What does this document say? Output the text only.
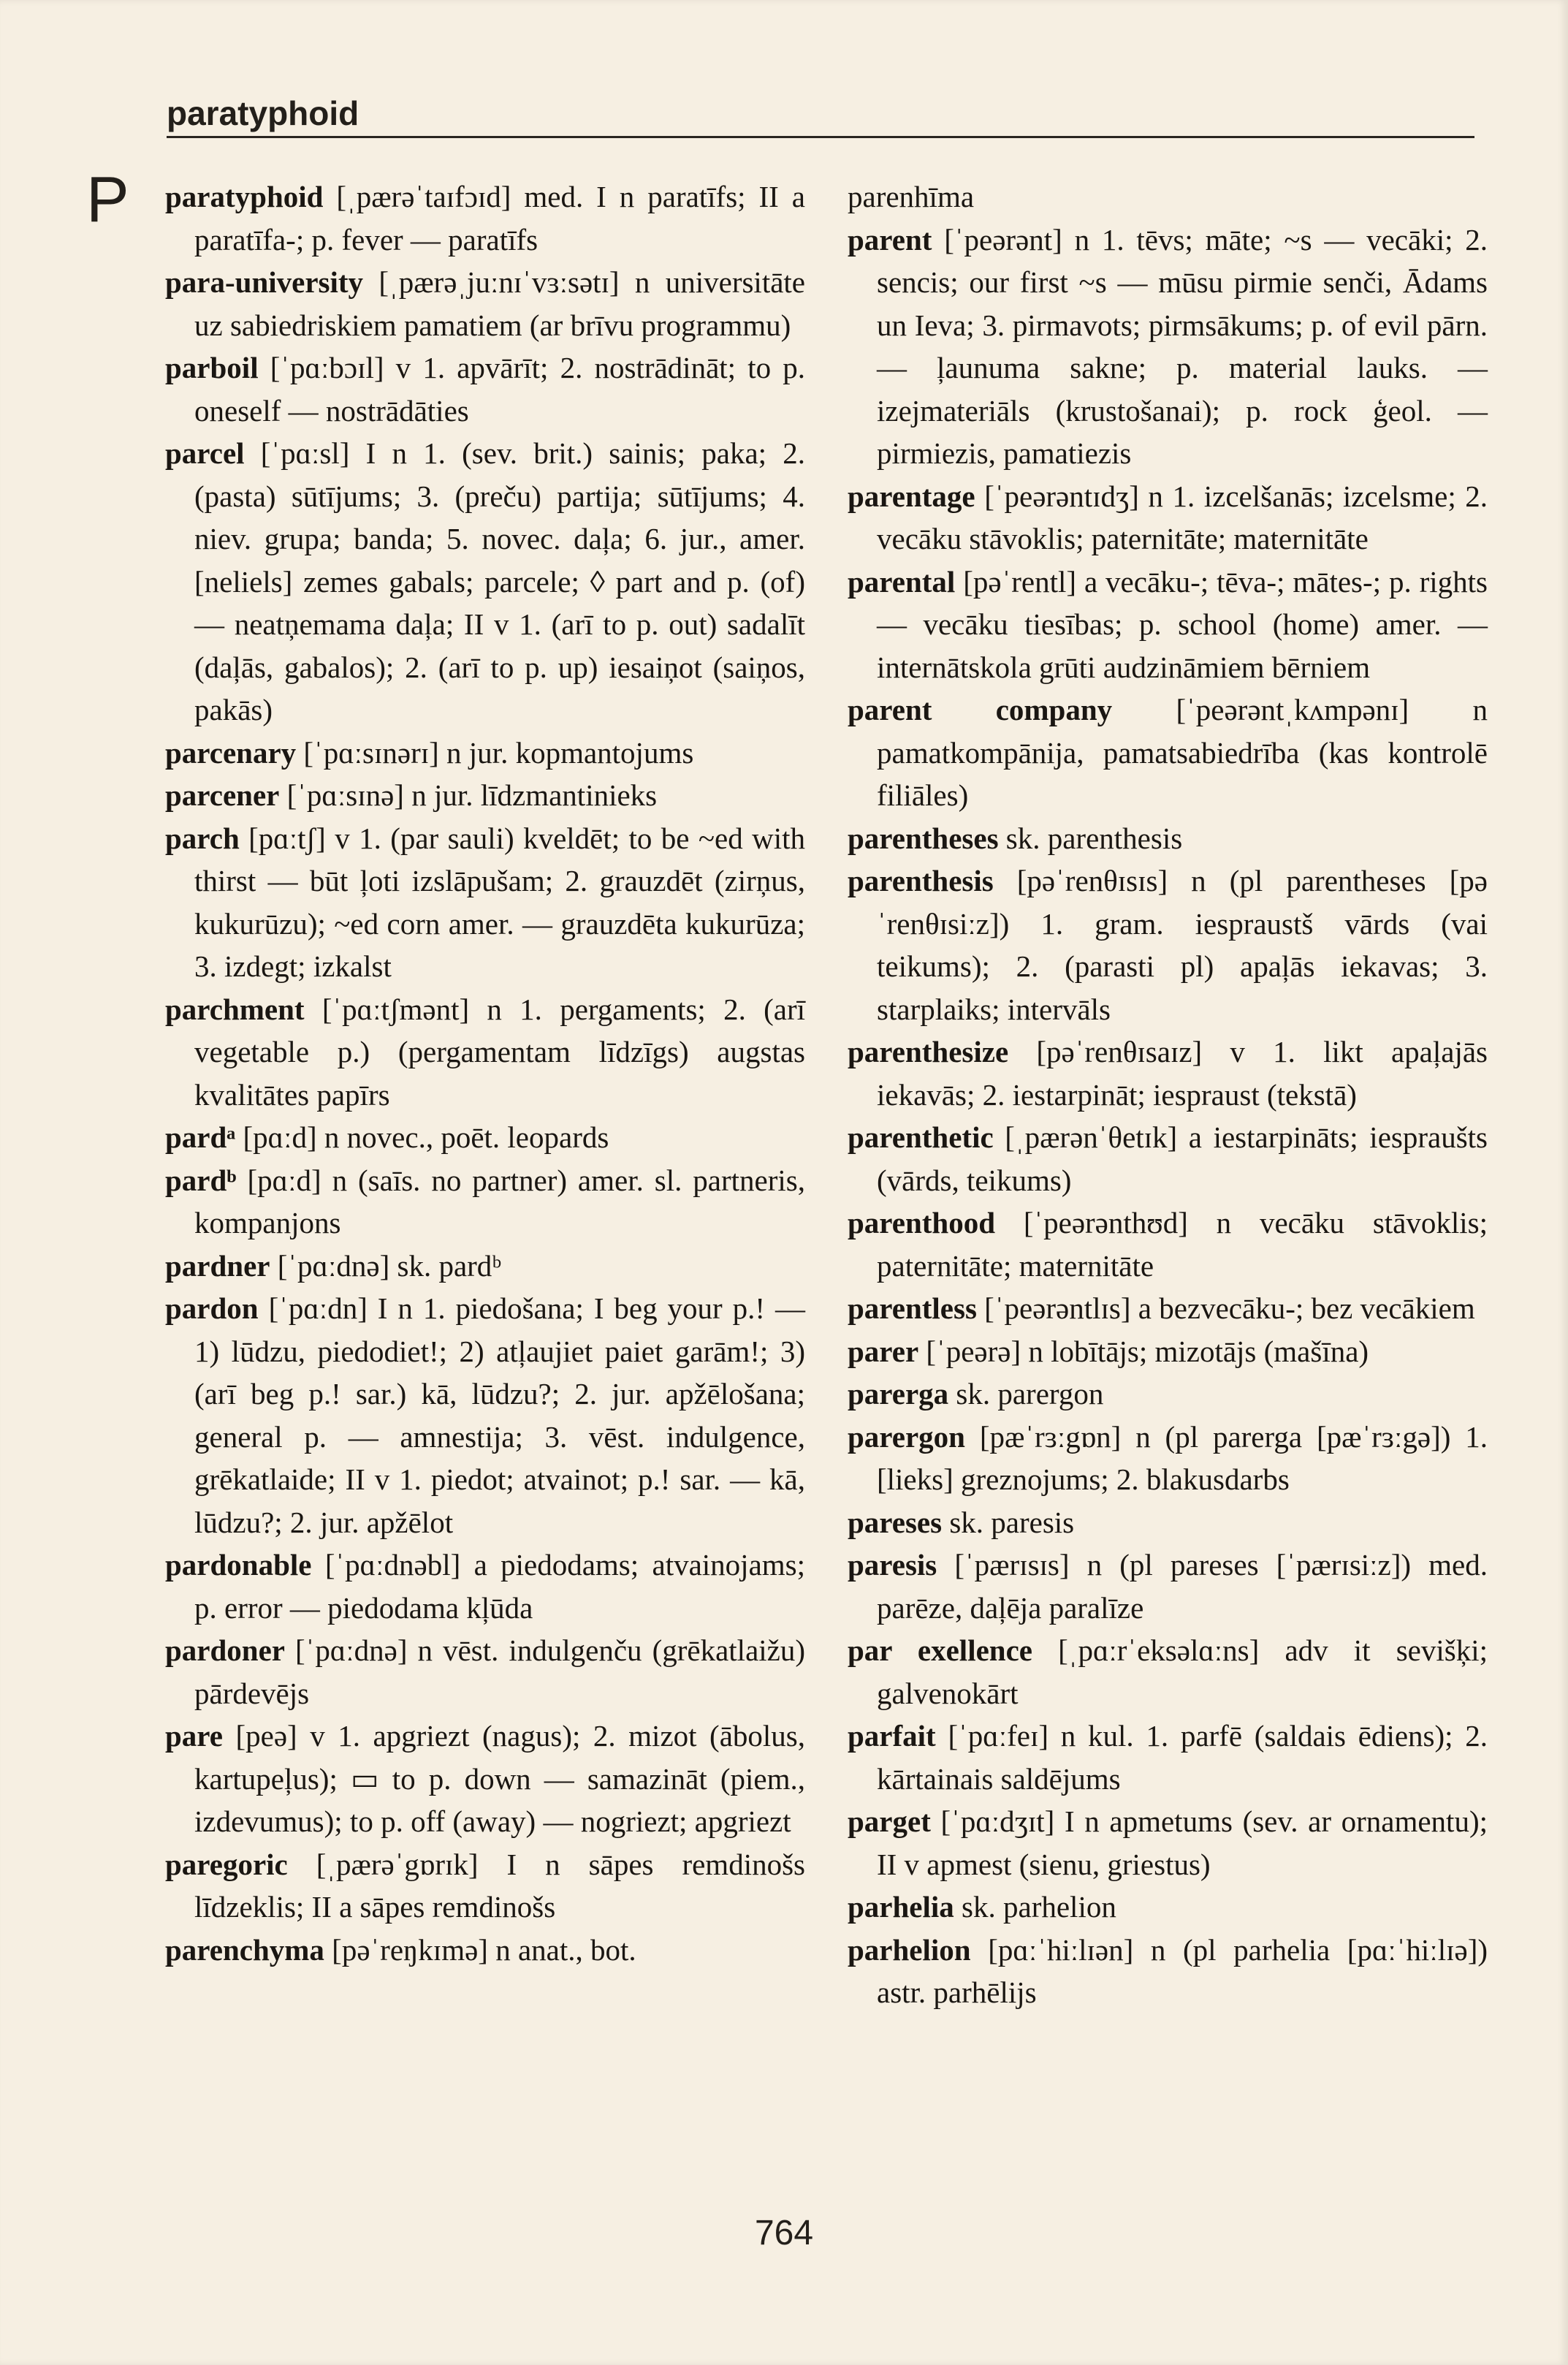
paratyphoid
P paratyphoid [ˌpærəˈtaɪfɔɪd] med. I n paratīfs; II a paratīfa-; p. fever — paratīfs

para-university [ˌpærəˌjuːnɪˈvɜːsətɪ] n universitāte uz sabiedriskiem pamatiem (ar brīvu programmu)

parboil [ˈpɑːbɔɪl] v 1. apvārīt; 2. nostrādināt; to p. oneself — nostrādāties

parcel [ˈpɑːsl] I n 1. (sev. brit.) sainis; paka; 2. (pasta) sūtījums; 3. (preču) partija; sūtījums; 4. niev. grupa; banda; 5. novec. daļa; 6. jur., amer. [neliels] zemes gabals; parcele; ◊ part and p. (of) — neatņemama daļa; II v 1. (arī to p. out) sadalīt (daļās, gabalos); 2. (arī to p. up) iesaiņot (saiņos, pakās)

parcenary [ˈpɑːsɪnərɪ] n jur. kopmantojums

parcener [ˈpɑːsɪnə] n jur. līdzmantinieks

parch [pɑːtʃ] v 1. (par sauli) kveldēt; to be ~ed with thirst — būt ļoti izslāpušam; 2. grauzdēt (zirņus, kukurūzu); ~ed corn amer. — grauzdēta kukurūza; 3. izdegt; izkalst

parchment [ˈpɑːtʃmənt] n 1. pergaments; 2. (arī vegetable p.) (pergamentam līdzīgs) augstas kvalitātes papīrs

pardᵃ [pɑːd] n novec., poēt. leopards

pardᵇ [pɑːd] n (saīs. no partner) amer. sl. partneris, kompanjons

pardner [ˈpɑːdnə] sk. pardᵇ

pardon [ˈpɑːdn] I n 1. piedošana; I beg your p.! — 1) lūdzu, piedodiet!; 2) atļaujiet paiet garām!; 3) (arī beg p.! sar.) kā, lūdzu?; 2. jur. apžēlošana; general p. — amnestija; 3. vēst. indulgence, grēkatlaide; II v 1. piedot; atvainot; p.! sar. — kā, lūdzu?; 2. jur. apžēlot

pardonable [ˈpɑːdnəbl] a piedodams; atvainojams; p. error — piedodama kļūda

pardoner [ˈpɑːdnə] n vēst. indulgenču (grēkatlaižu) pārdevējs

pare [peə] v 1. apgriezt (nagus); 2. mizot (ābolus, kartupeļus); ▭ to p. down — samazināt (piem., izdevumus); to p. off (away) — nogriezt; apgriezt

paregoric [ˌpærəˈgɒrɪk] I n sāpes remdinošs līdzeklis; II a sāpes remdinošs

parenchyma [pəˈreŋkɪmə] n anat., bot.

parenhīma

parent [ˈpeərənt] n 1. tēvs; māte; ~s — vecāki; 2. sencis; our first ~s — mūsu pirmie senči, Ādams un Ieva; 3. pirmavots; pirmsākums; p. of evil pārn. — ļaunuma sakne; p. material lauks. — izejmateriāls (krustošanai); p. rock ģeol. — pirmiezis, pamatiezis

parentage [ˈpeərəntɪdʒ] n 1. izcelšanās; izcelsme; 2. vecāku stāvoklis; paternitāte; maternitāte

parental [pəˈrentl] a vecāku-; tēva-; mātes-; p. rights — vecāku tiesības; p. school (home) amer. — internātskola grūti audzināmiem bērniem

parent company [ˈpeərəntˌkʌmpənɪ] n pamatkompānija, pamatsabiedrība (kas kontrolē filiāles)

parentheses sk. parenthesis

parenthesis [pəˈrenθɪsɪs] n (pl parentheses [pəˈrenθɪsiːz]) 1. gram. iespraustš vārds (vai teikums); 2. (parasti pl) apaļās iekavas; 3. starplaiks; intervāls

parenthesize [pəˈrenθɪsaɪz] v 1. likt apaļajās iekavās; 2. iestarpināt; iespraust (tekstā)

parenthetic [ˌpærənˈθetɪk] a iestarpināts; iespraušts (vārds, teikums)

parenthood [ˈpeərənthʊd] n vecāku stāvoklis; paternitāte; maternitāte

parentless [ˈpeərəntlɪs] a bezvecāku-; bez vecākiem

parer [ˈpeərə] n lobītājs; mizotājs (mašīna)

parerga sk. parergon

parergon [pæˈrɜːgɒn] n (pl parerga [pæˈrɜːgə]) 1. [lieks] greznojums; 2. blakusdarbs

pareses sk. paresis

paresis [ˈpærɪsɪs] n (pl pareses [ˈpærɪsiːz]) med. parēze, daļēja paralīze

par exellence [ˌpɑːrˈeksəlɑːns] adv it sevišķi; galvenokārt

parfait [ˈpɑːfeɪ] n kul. 1. parfē (saldais ēdiens); 2. kārtainais saldējums

parget [ˈpɑːdʒɪt] I n apmetums (sev. ar ornamentu); II v apmest (sienu, griestus)

parhelia sk. parhelion

parhelion [pɑːˈhiːlɪən] n (pl parhelia [pɑːˈhiːlɪə]) astr. parhēlijs

764
